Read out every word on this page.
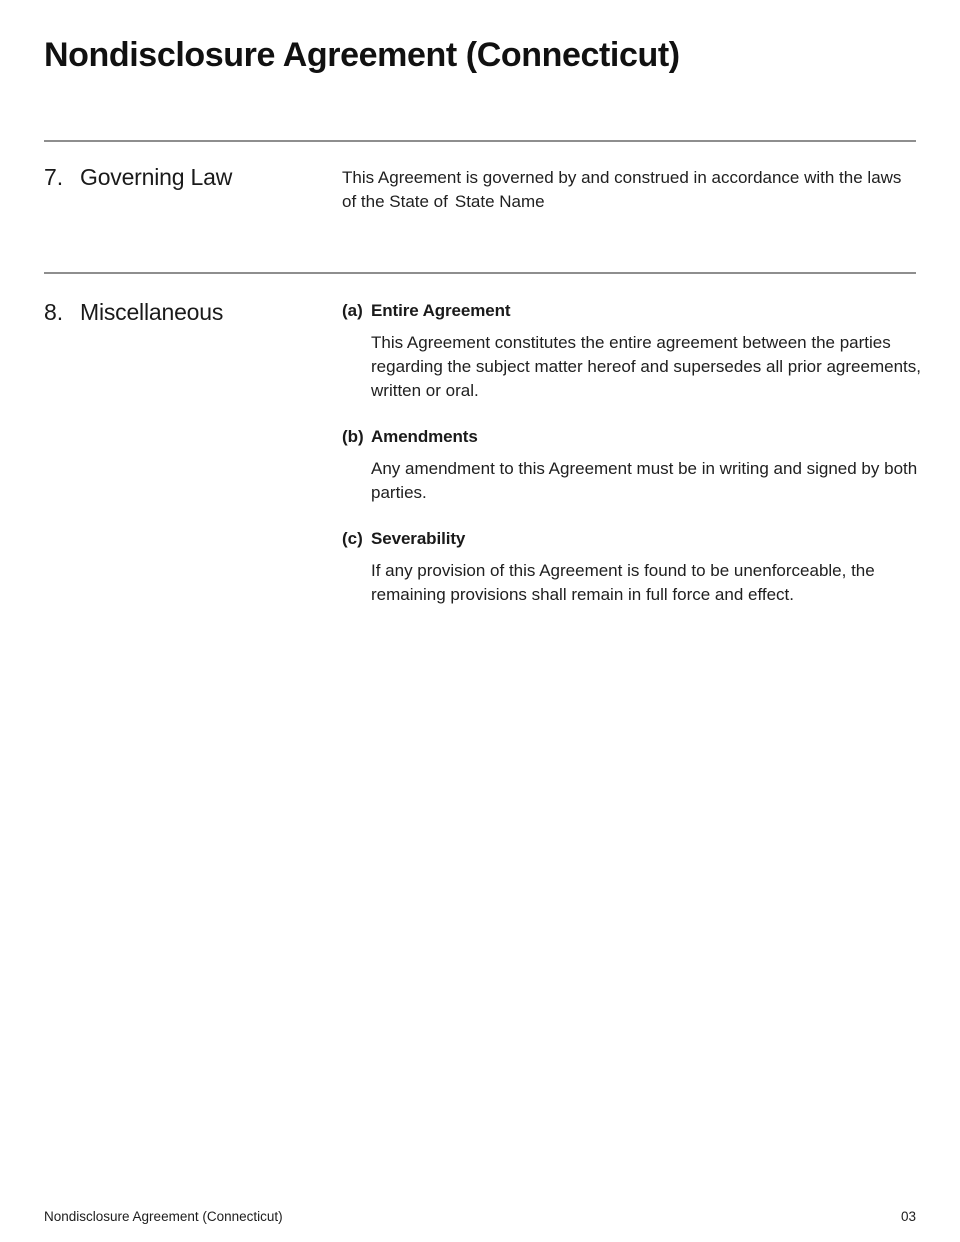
Nondisclosure Agreement (Connecticut)
7. Governing Law	This Agreement is governed by and construed in accordance with the laws of the State of State Name

8. Miscellaneous	(a) Entire Agreement

This Agreement constitutes the entire agreement between the parties regarding the subject matter hereof and supersedes all prior agreements, written or oral.

(b) Amendments

Any amendment to this Agreement must be in writing and signed by both parties.

(c) Severability

If any provision of this Agreement is found to be unenforceable, the remaining provisions shall remain in full force and effect.

Nondisclosure Agreement (Connecticut)	03
